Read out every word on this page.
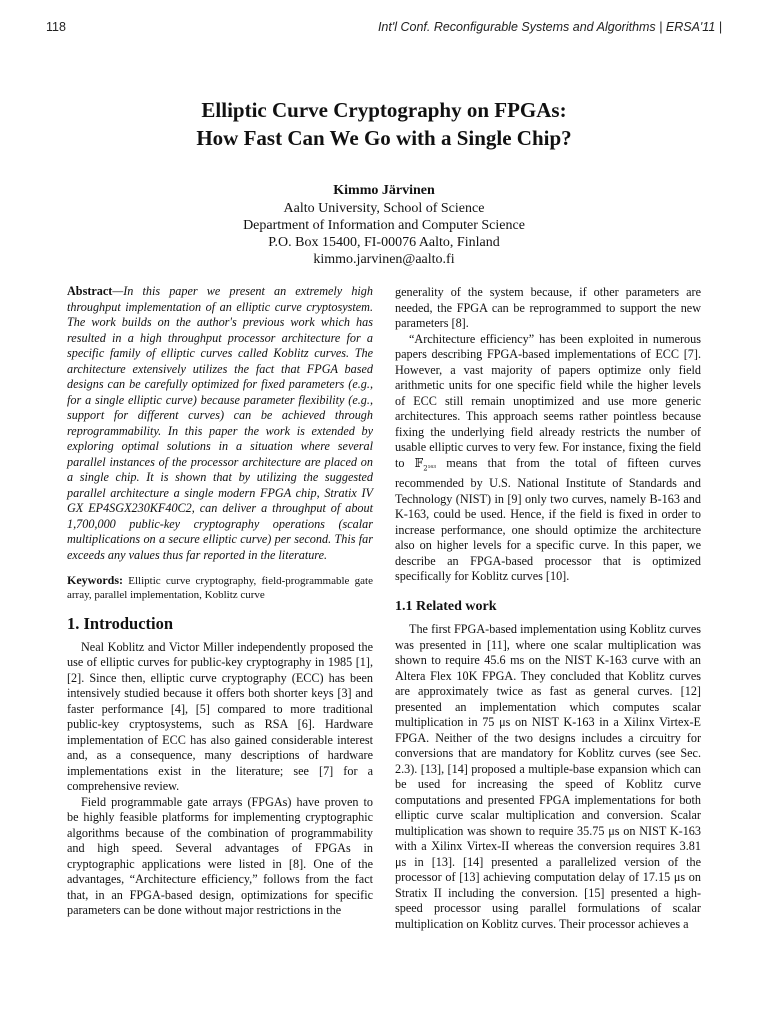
118	Int'l Conf. Reconfigurable Systems and Algorithms | ERSA'11 |
Elliptic Curve Cryptography on FPGAs:
How Fast Can We Go with a Single Chip?
Kimmo Järvinen
Aalto University, School of Science
Department of Information and Computer Science
P.O. Box 15400, FI-00076 Aalto, Finland
kimmo.jarvinen@aalto.fi

Abstract—In this paper we present an extremely high throughput implementation of an elliptic curve cryptosystem. The work builds on the author's previous work which has resulted in a high throughput processor architecture for a specific family of elliptic curves called Koblitz curves. The architecture extensively utilizes the fact that FPGA based designs can be carefully optimized for fixed parameters (e.g., for a single elliptic curve) because parameter flexibility (e.g., support for different curves) can be achieved through reprogrammability. In this paper the work is extended by exploring optimal solutions in a situation where several parallel instances of the processor architecture are placed on a single chip. It is shown that by utilizing the suggested parallel architecture a single modern FPGA chip, Stratix IV GX EP4SGX230KF40C2, can deliver a throughput of about 1,700,000 public-key cryptography operations (scalar multiplications on a secure elliptic curve) per second. This far exceeds any values thus far reported in the literature.

Keywords: Elliptic curve cryptography, field-programmable gate array, parallel implementation, Koblitz curve

1. Introduction

Neal Koblitz and Victor Miller independently proposed the use of elliptic curves for public-key cryptography in 1985 [1], [2]. Since then, elliptic curve cryptography (ECC) has been intensively studied because it offers both shorter keys [3] and faster performance [4], [5] compared to more traditional public-key cryptosystems, such as RSA [6]. Hardware implementation of ECC has also gained considerable interest and, as a consequence, many descriptions of hardware implementations exist in the literature; see [7] for a comprehensive review.

Field programmable gate arrays (FPGAs) have proven to be highly feasible platforms for implementing cryptographic algorithms because of the combination of programmability and high speed. Several advantages of FPGAs in cryptographic applications were listed in [8]. One of the advantages, “Architecture efficiency,” follows from the fact that, in an FPGA-based design, optimizations for specific parameters can be done without major restrictions in the

generality of the system because, if other parameters are needed, the FPGA can be reprogrammed to support the new parameters [8].

“Architecture efficiency” has been exploited in numerous papers describing FPGA-based implementations of ECC [7]. However, a vast majority of papers optimize only field arithmetic units for one specific field while the higher levels of ECC still remain unoptimized and use more generic architectures. This approach seems rather pointless because fixing the underlying field already restricts the number of usable elliptic curves to very few. For instance, fixing the field to 𝔽$_{2^{163}}$ means that from the total of fifteen curves recommended by U.S. National Institute of Standards and Technology (NIST) in [9] only two curves, namely B-163 and K-163, could be used. Hence, if the field is fixed in order to increase performance, one should optimize the architecture also on higher levels for a specific curve. In this paper, we describe an FPGA-based processor that is optimized specifically for Koblitz curves [10].

1.1 Related work

The first FPGA-based implementation using Koblitz curves was presented in [11], where one scalar multiplication was shown to require 45.6 ms on the NIST K-163 curve with an Altera Flex 10K FPGA. They concluded that Koblitz curves are approximately twice as fast as general curves. [12] presented an implementation which computes scalar multiplication in 75 μs on NIST K-163 in a Xilinx Virtex-E FPGA. Neither of the two designs includes a circuitry for conversions that are mandatory for Koblitz curves (see Sec. 2.3). [13], [14] proposed a multiple-base expansion which can be used for increasing the speed of Koblitz curve computations and presented FPGA implementations for both elliptic curve scalar multiplication and conversion. Scalar multiplication was shown to require 35.75 μs on NIST K-163 with a Xilinx Virtex-II whereas the conversion requires 3.81 μs in [13]. [14] presented a parallelized version of the processor of [13] achieving computation delay of 17.15 μs on Stratix II including the conversion. [15] presented a high-speed processor using parallel formulations of scalar multiplication on Koblitz curves. Their processor achieves a
